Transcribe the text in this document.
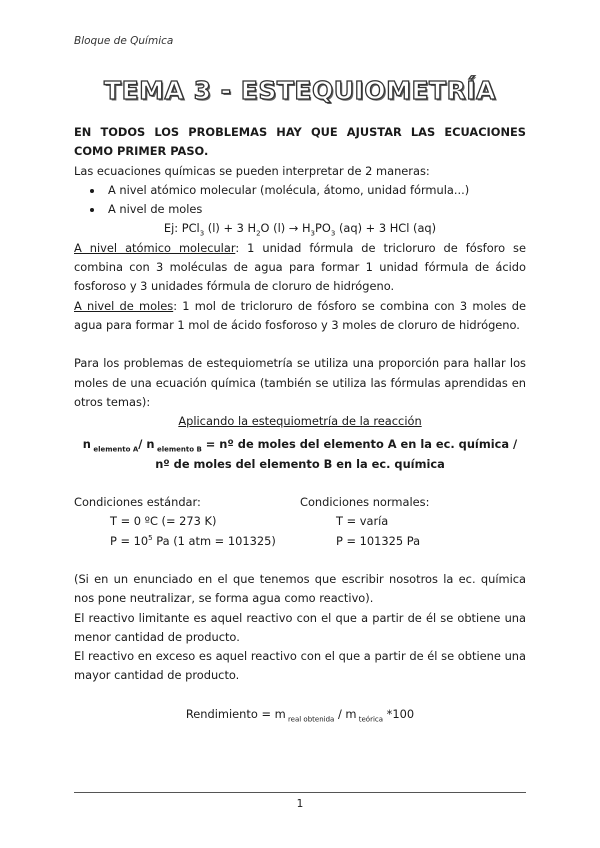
Bloque de Química
TEMA 3 - ESTEQUIOMETRÍA

EN TODOS LOS PROBLEMAS HAY QUE AJUSTAR LAS ECUACIONES COMO PRIMER PASO.

Las ecuaciones químicas se pueden interpretar de 2 maneras:

• A nivel atómico molecular (molécula, átomo, unidad fórmula...)
• A nivel de moles

Ej: PCl$_3$ (l) + 3 $H_2O$ $(l) \to H_3PO_3$ (aq) + 3 HCl (aq)

A nivel atómico molecular: 1 unidad fórmula de tricloruro de fósforo se combina con 3 moléculas de agua para formar 1 unidad fórmula de ácido fosforoso y 3 unidades fórmula de cloruro de hidrógeno.

A nivel de moles: 1 mol de tricloruro de fósforo se combina con 3 moles de agua para formar 1 mol de ácido fosforoso y 3 moles de cloruro de hidrógeno.

Para los problemas de estequiometría se utiliza una proporción para hallar los moles de una ecuación química (también se utiliza las fórmulas aprendidas en otros temas):

Aplicando la estequiometría de la reacción

n $_{elemento A}$/ n $_{elemento B}$ = nº de moles del elemento A en la ec. química / nº de moles del elemento B en la ec. química

Condiciones estándar:

T = 0 ºC (= 273 K)

$P = 10^5$ Pa (1 atm = 101325)

Condiciones normales:

T = varía

P = 101325 Pa

(Si en un enunciado en el que tenemos que escribir nosotros la ec. química nos pone neutralizar, se forma agua como reactivo).

El reactivo limitante es aquel reactivo con el que a partir de él se obtiene una menor cantidad de producto.

El reactivo en exceso es aquel reactivo con el que a partir de él se obtiene una mayor cantidad de producto.

Rendimiento = m $_{real obtenida}$ / m $_{teórica}$ *100

1
